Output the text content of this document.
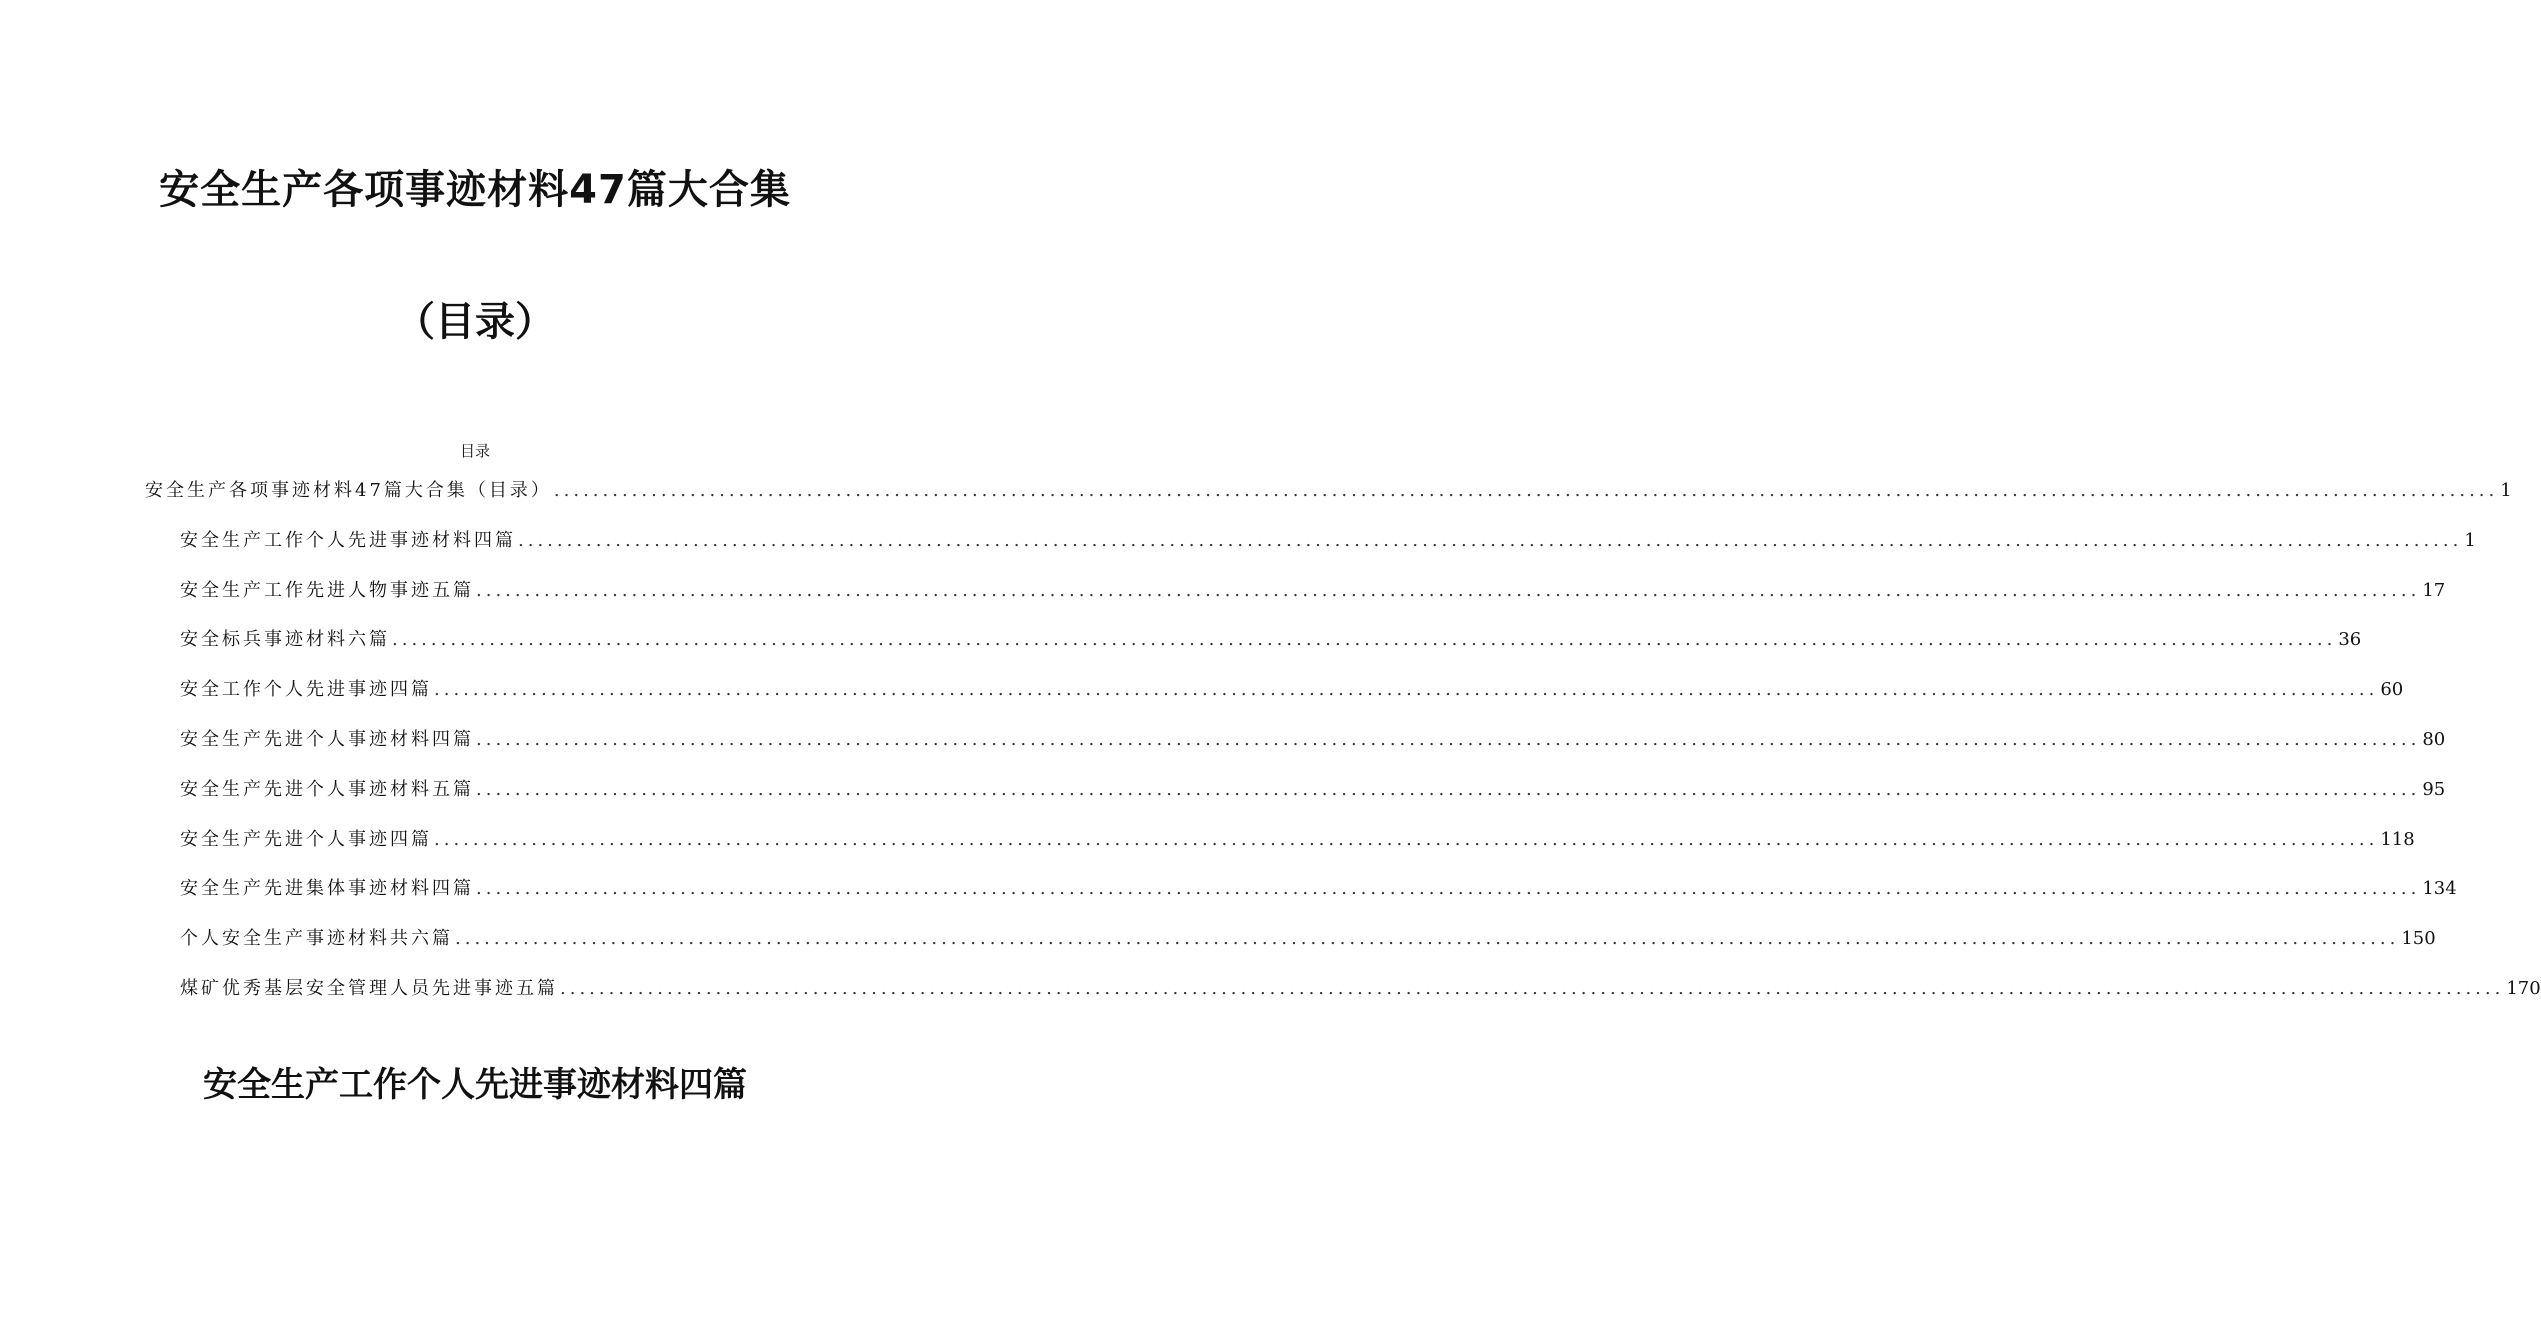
安全生产各项事迹材料47篇大合集
（目录）
目录
安全生产各项事迹材料47篇大合集（目录） ........................................................................................................................................................................................................ 1
安全生产工作个人先进事迹材料四篇 ........................................................................................................................................................................................................ 1
安全生产工作先进人物事迹五篇 ........................................................................................................................................................................................................ 17
安全标兵事迹材料六篇 ........................................................................................................................................................................................................ 36
安全工作个人先进事迹四篇 ........................................................................................................................................................................................................ 60
安全生产先进个人事迹材料四篇 ........................................................................................................................................................................................................ 80
安全生产先进个人事迹材料五篇 ........................................................................................................................................................................................................ 95
安全生产先进个人事迹四篇 ........................................................................................................................................................................................................ 118
安全生产先进集体事迹材料四篇 ........................................................................................................................................................................................................ 134
个人安全生产事迹材料共六篇 ........................................................................................................................................................................................................ 150
煤矿优秀基层安全管理人员先进事迹五篇 ........................................................................................................................................................................................................ 170
安全生产工作个人先进事迹材料四篇
